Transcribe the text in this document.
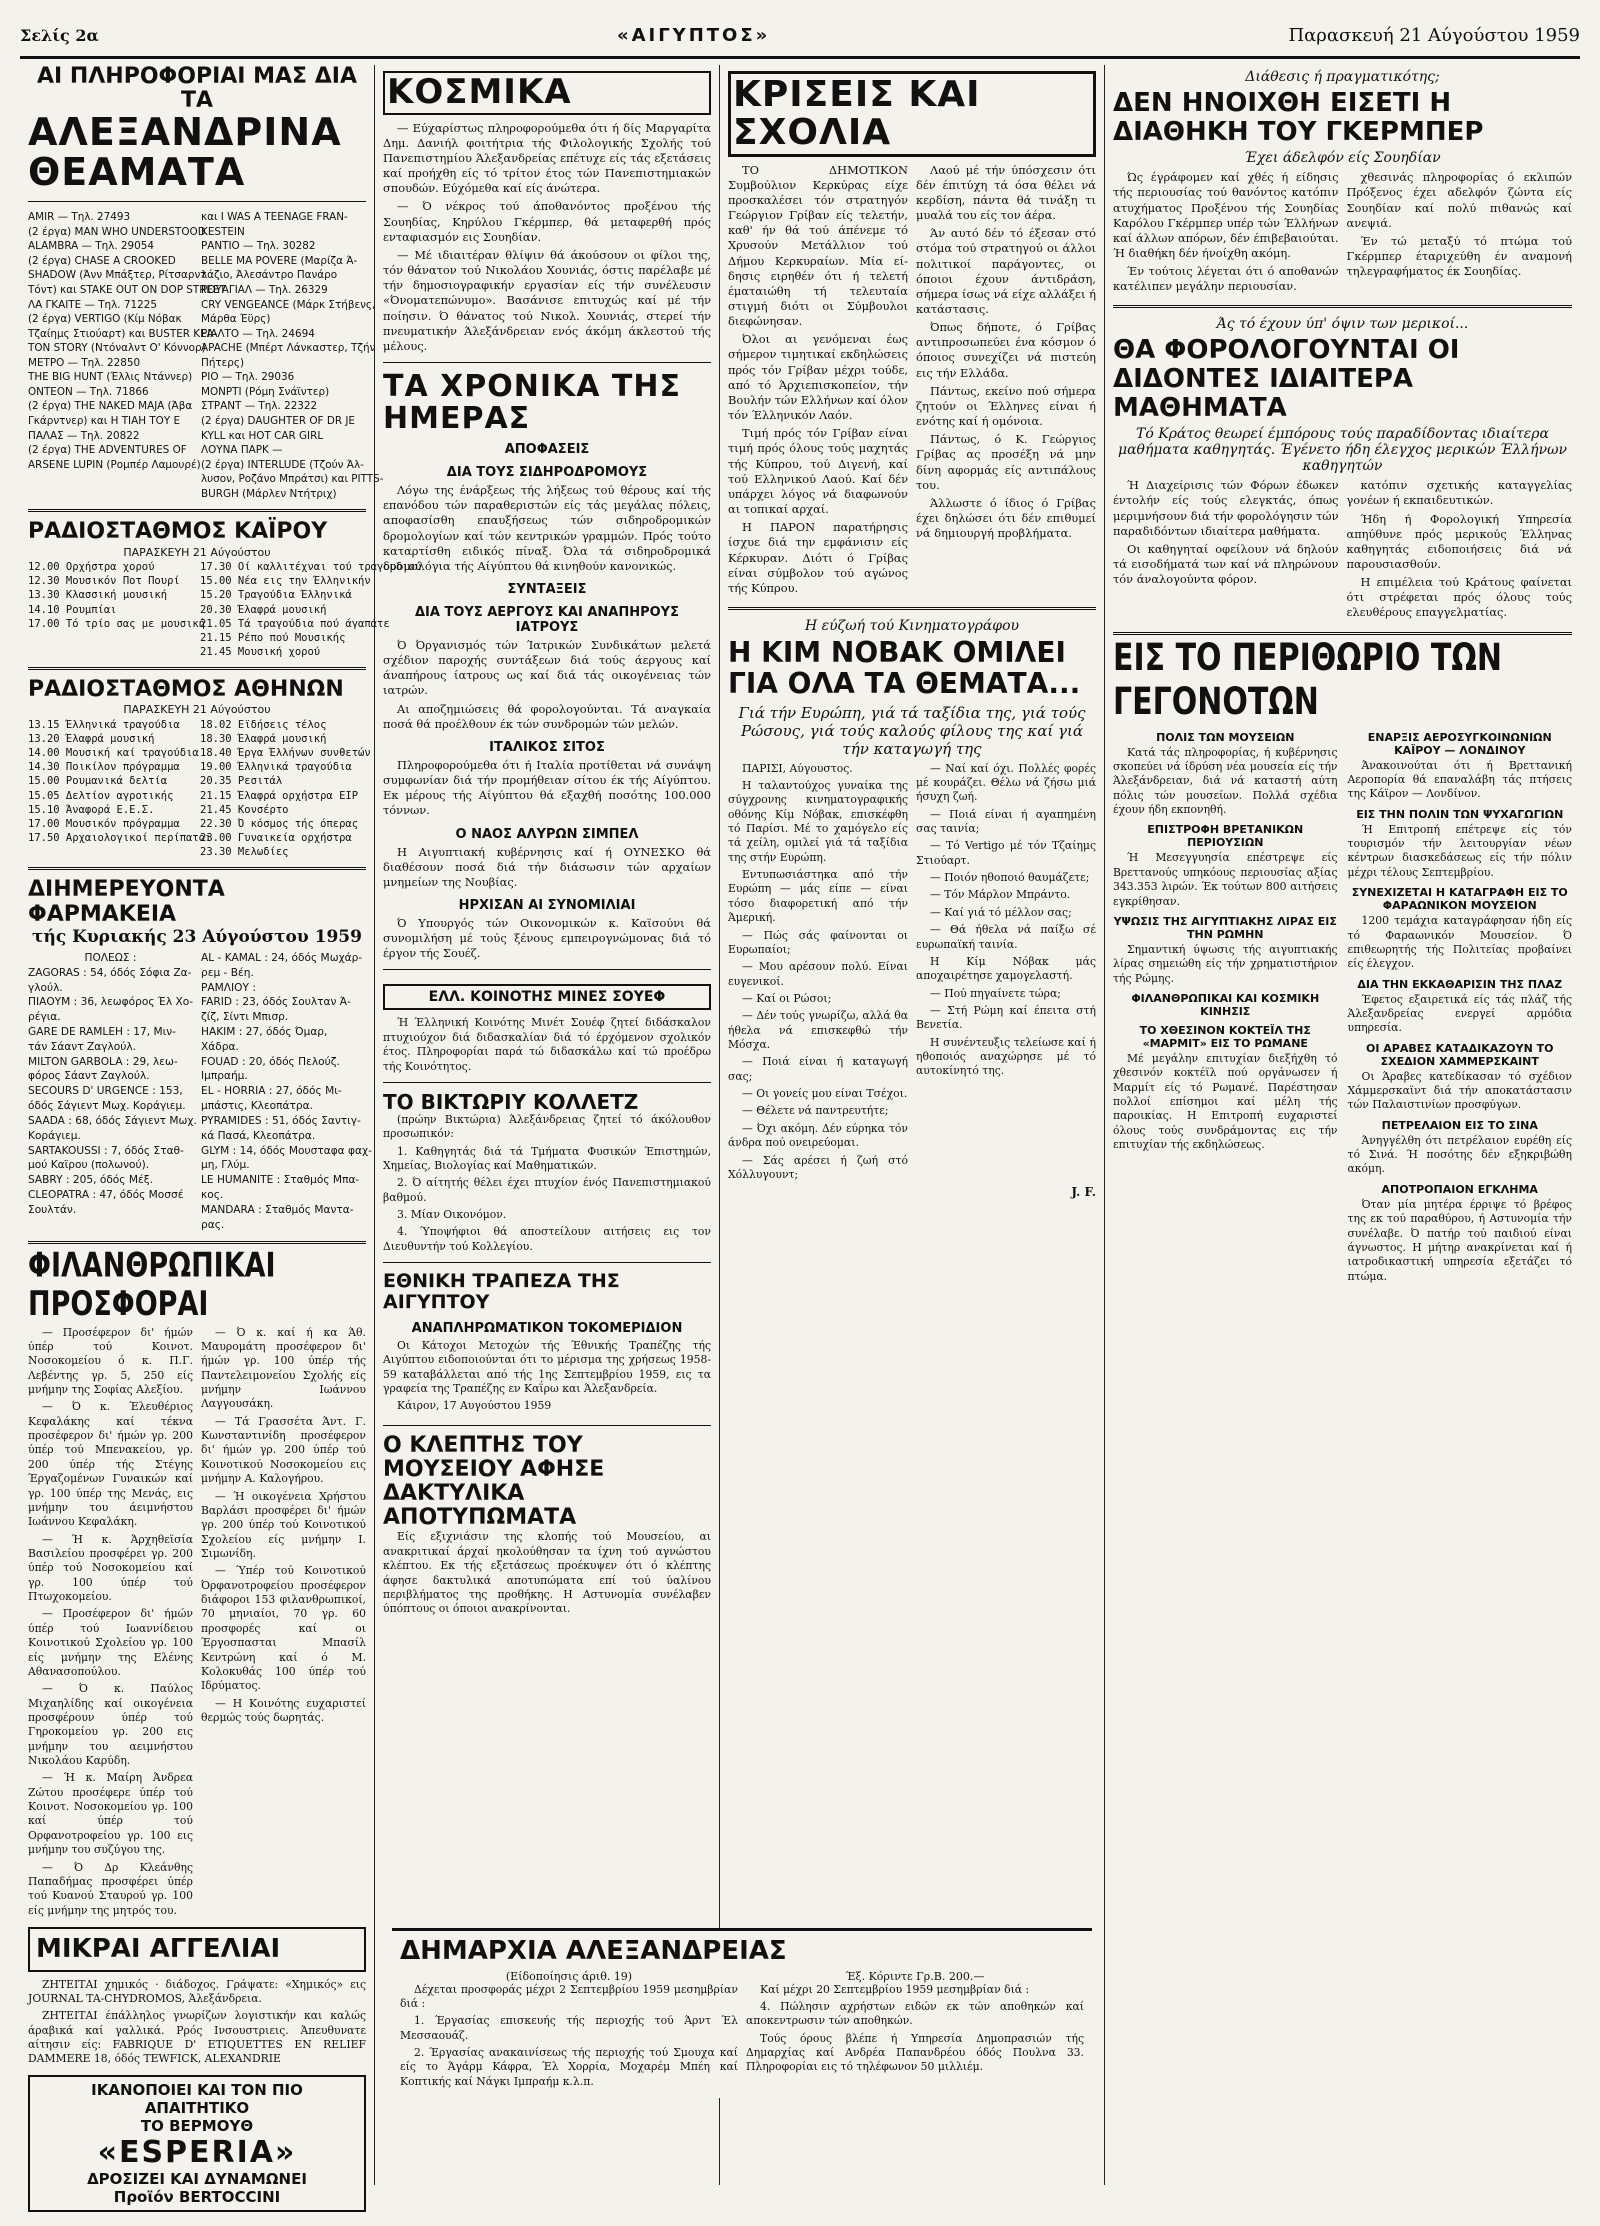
Σελίς 2α	«ΑΙΓΥΠΤΟΣ»	Παρασκευή 21 Αύγούστου 1959
ΑΙ ΠΛΗΡΟΦΟΡΙΑΙ ΜΑΣ ΔΙΑ ΤΑ
ΑΛΕΞΑΝΔΡΙΝΑ ΘΕΑΜΑΤΑ
AMIR — Τηλ. 27493
(2 έργα) MAN WHO UNDERSTOOD
ALAMBRA — Τηλ. 29054
(2 έργα) CHASE A CROOKED
SHADOW (Άνν Μπάξτερ, Ρίτσαρντ
Τόντ) και STAKE OUT ON DOP STREET
ΛΑ ΓΚΑΙΤΕ — Τηλ. 71225
(2 έργα) VERTIGO (Κίμ Νόβακ
Τζαίημς Στιούαρτ) και BUSTER KEA-
TON STORY (Ντόναλντ Ο' Κόννορ)
ΜΕΤΡΟ — Τηλ. 22850
THE BIG HUNT (Έλλις Ντάννερ)
ΟΝΤΕΟΝ — Τηλ. 71866
(2 έργα) THE NAKED MAJA (Άβα
Γκάρντνερ) και Η ΤΙΑΗ ΤΟΥ Ε
ΠΑΛΑΣ — Τηλ. 20822
(2 έργα) THE ADVENTURES OF
ARSENE LUPIN (Ρομπέρ Λαμουρέ)
και I WAS A TEENAGE FRAN-
KESTEIN
ΡΑΝΤΙΟ — Τηλ. 30282
BELLE MA POVERE (Μαρίζα Ά-
λάζιο, Άλεσάντρο Πανάρο
ΡΟΥΑΓΙΑΛ — Τηλ. 26329
CRY VENGEANCE (Μάρκ Στήβενς,
Μάρθα Έϋρς)
ΡΙΑΛΤΟ — Τηλ. 24694
APACHE (Μπέρτ Λάνκαστερ, Τζήν
Πήτερς)
ΡΙΟ — Τηλ. 29036
MONPTI (Ρόμη Σνάϊντερ)
ΣΤΡΑΝΤ — Τηλ. 22322
(2 έργα) DAUGHTER OF DR JE
KYLL και HOT CAR GIRL
ΛΟΥΝΑ ΠΑΡΚ —
(2 έργα) INTERLUDE (Τζούν Άλ-
λυσον, Ροζάνο Μπράτσι) και PITTS-
BURGH (Μάρλεν Ντήτριχ)
ΡΑΔΙΟΣΤΑΘΜΟΣ ΚΑΪΡΟΥ
ΠΑΡΑΣΚΕΥΗ 21 Αύγούστου
12.00 Ορχήστρα χορού
12.30 Μουσικόν Ποτ Πουρί
13.30 Κλασσική μουσική
14.10 Ρουμπίαι
17.00 Τό τρίο σας με μουσική
17.30 Οί καλλιτέχναι τού τραγουδιού
15.00 Νέα εις την Έλληνικήν
15.20 Τραγούδια Έλληνικά
20.30 Έλαφρά μουσική
21.05 Τά τραγούδια πού άγαπάτε
21.15 Ρέπο πού Μουσικής
21.45 Μουσική χορού
ΡΑΔΙΟΣΤΑΘΜΟΣ ΑΘΗΝΩΝ
ΠΑΡΑΣΚΕΥΗ 21 Αύγούστου
13.15 Έλληνικά τραγούδια
13.20 Έλαφρά μουσική
14.00 Μουσική καί τραγούδια
14.30 Ποικίλον πρόγραμμα
15.00 Ρουμανικά δελτία
15.05 Δελτίον αγροτικής
15.10 Άναφορά Ε.Ε.Σ.
17.00 Μουσικόν πρόγραμμα
17.50 Αρχαιολογικοί περίπατοι
18.02 Εϊδήσεις τέλος
18.30 Έλαφρά μουσική
18.40 Έργα Έλλήνων συνθετών
19.00 Έλληνικά τραγούδια
20.35 Ρεσιτάλ
21.15 Έλαφρά ορχήστρα EIP
21.45 Κονσέρτο
22.30 Ό κόσμος τής όπερας
23.00 Γυναικεία ορχήστρα
23.30 Μελωδίες
ΔΙΗΜΕΡΕΥΟΝΤΑ ΦΑΡΜΑΚΕΙΑ
τής Κυριακής 23 Αύγούστου 1959
ΠΟΛΕΩΣ :
ZAGORAS : 54, όδός Σόφια Ζα-
γλούλ.
ΠΙΑΟΥΜ : 36, λεωφόρος Έλ Χο-
ρέγια.
GARE DE RAMLEH : 17, Μιν-
τάν Σάαντ Ζαγλούλ.
MILTON GARBOLA : 29, λεω-
φόρος Σάαντ Ζαγλούλ.
SECOURS D' URGENCE : 153,
όδός Σάγιεντ Μωχ. Κοράγιεμ.
SAADA : 68, όδός Σάγιεντ Μωχ.
Κοράγιεμ.
SARTAKOUSSI : 7, όδός Σταθ-
μού Καϊρου (πολωνού).
SABRY : 205, όδός Μέξ.
CLEOPATRA : 47, όδός Μοσσέ
Σουλτάν.
AL - KAMAL : 24, όδός Μωχάρ-
ρεμ - Βέη.
ΡΑΜΛΙΟΥ :
FARID : 23, όδός Σουλταν Ά-
ζίζ, Σίντι Μπισρ.
HAKIM : 27, όδός Όμαρ,
Χάδρα.
FOUAD : 20, όδός Πελούζ.
Ιμπραήμ.
EL - HORRIA : 27, όδός Μι-
μπάστις, Κλεοπάτρα.
PYRAMIDES : 51, όδός Σαντιγ-
κά Πασά, Κλεοπάτρα.
GLYM : 14, όδός Μουσταφα φαχ-
μη, Γλύμ.
LE HUMANITE : Σταθμός Μπα-
κος.
MANDARA : Σταθμός Μαντα-
ρας.
ΦΙΛΑΝΘΡΩΠΙΚΑΙ ΠΡΟΣΦΟΡΑΙ

— Προσέφερον δι' ήμών ύπέρ τού Κοινοτ. Νοσοκομείου ό κ. Π.Γ. Λεβέντης γρ. 5, 250 είς μνήμην της Σοφίας Αλεξίου.

— Ό κ. Έλευθέριος Κεφαλάκης καί τέκνα προσέφερον δι' ήμών γρ. 200 ύπέρ τού Μπενακείου, γρ. 200 ύπέρ τής Στέγης Έργαζομένων Γυναικών καί γρ. 100 ύπέρ της Μενάς, εις μνήμην του άειμνήστου Ιωάννου Κεφαλάκη.

— Ή κ. Άρχηθεϊσία Βασιλείου προσφέρει γρ. 200 ύπέρ τού Νοσοκομείου καί γρ. 100 ύπέρ τού Πτωχοκομείου.

— Προσέφερον δι' ήμών ύπέρ τού Ιωαννίδειου Κοινοτικού Σχολείου γρ. 100 είς μνήμην της Ελένης Αθανασοπούλου.

— Ό κ. Παύλος Μιχαηλίδης καί οικογένεια προσφέρουν ύπέρ τού Γηροκομείου γρ. 200 εις μνήμην του αειμνήστου Νικολάου Καρύδη.

— Ή κ. Μαίρη Άνδρεα Ζώτου προσέφερε ύπέρ τού Κοινοτ. Νοσοκομείου γρ. 100 καί ύπέρ τού Ορφανοτροφείου γρ. 100 εις μνήμην του συζύγου της.

— Ό Δρ Κλεάνθης Παπαδήμας προσφέρει ύπέρ τού Κυανού Σταυρού γρ. 100 είς μνήμην της μητρός του.

— Ό κ. καί ή κα Άθ. Μαυρομάτη προσέφερον δι' ήμών γρ. 100 ύπέρ τής Παντελειμονείου Σχολής είς μνήμην Ιωάννου Λαγγουσάκη.

— Τά Γρασσέτα Άντ. Γ. Κωνσταντινίδη προσέφερον δι' ήμών γρ. 200 ύπέρ τού Κοινοτικού Νοσοκομείου εις μνήμην Α. Καλογήρου.

— Ή οικογένεια Χρήστου Βαρλάσι προσφέρει δι' ήμών γρ. 200 ύπέρ τού Κοινοτικού Σχολείου είς μνήμην Ι. Σιμωνίδη.

— Ύπέρ τού Κοινοτικού Όρφανοτροφείου προσέφερον διάφοροι 153 φιλανθρωπικοί, 70 μηνιαίοι, 70 γρ. 60 προσφορές καί οι Έργοσπασται Μπασίλ Κεντρώνη καί ό Μ. Κολοκυθάς 100 ύπέρ τού Ιδρύματος.

— Η Κοινότης ευχαριστεί θερμώς τούς δωρητάς.

ΜΙΚΡΑΙ ΑΓΓΕΛΙΑΙ

ΖΗΤΕΙΤΑΙ χημικός · διάδοχος. Γράψατε: «Χημικός» εις JOURNAL TA-CHYDROMOS, Άλεξάνδρεια.

ΖΗΤΕΙΤΑΙ έπάλληλος γνωρίζων λογιστικήν και καλώς άραβικά καί γαλλικά. Ρρός Ινσουστριεις. Άπευθυνατε αίτησιν είς: FABRIQUE D' ETIQUETTES EN RELIEF DAMMERE 18, όδός TEWFICK, ALEXANDRIE

ΙΚΑΝΟΠΟΙΕΙ ΚΑΙ ΤΟΝ ΠΙΟ
ΑΠΑΙΤΗΤΙΚΟ
ΤΟ ΒΕΡΜΟΥΘ
«ESPERIA»
ΔΡΟΣΙΖΕΙ ΚΑΙ ΔΥΝΑΜΩΝΕΙ
Προϊόν BERTOCCINI
ΚΟΣΜΙΚΑ

— Εύχαρίστως πληροφορούμεθα ότι ή δίς Μαργαρίτα Δημ. Δανιήλ φοιτήτρια τής Φιλολογικής Σχολής τού Πανεπιστημίου Άλεξανδρείας επέτυχε είς τάς εξετάσεις καί προήχθη είς τό τρίτον έτος τών Πανεπιστημιακών σπουδών. Εύχόμεθα καί είς άνώτερα.

— Ό νέκρος τού άποθανόντος προξένου τής Σουηδίας, Κηρύλου Γκέρμπερ, θά μεταφερθή πρός ενταφιασμόν εις Σουηδίαν.

— Μέ ιδιαιτέραν θλίψιν θά άκούσουν οι φίλοι της, τόν θάνατον τού Νικολάου Χουνιάς, όστις παρέλαβε μέ τήν δημοσιογραφικήν εργασίαν είς τήν συνέλευσιν «Όνοματεπώνυμο». Βασάνισε επιτυχώς καί μέ τήν ποίησιν. Ό θάνατος τού Νικολ. Χουνιάς, στερεί τήν πνευματικήν Άλεξάνδρειαν ενός άκόμη άκλεστού τής μέλους.

ΤΑ ΧΡΟΝΙΚΑ ΤΗΣ ΗΜΕΡΑΣ
ΑΠΟΦΑΣΕΙΣ
ΔΙΑ ΤΟΥΣ ΣΙΔΗΡΟΔΡΟΜΟΥΣ

Λόγω της ένάρξεως τής λήξεως τού θέρους καί τής επανόδου τών παραθεριστών είς τάς μεγάλας πόλεις, αποφασίσθη επαυξήσεως τών σιδηροδρομικών δρομολογίων καί τών κεντρικών γραμμών. Πρός τούτο καταρτίσθη ειδικός πίναξ. Όλα τά σιδηροδρομικά δρομολόγια τής Αίγύπτου θά κινηθούν κανονικώς.

ΣΥΝΤΑΞΕΙΣ
ΔΙΑ ΤΟΥΣ ΑΕΡΓΟΥΣ ΚΑΙ ΑΝΑΠΗΡΟΥΣ ΙΑΤΡΟΥΣ

Ό Όργανισμός τών Ίατρικών Συνδικάτων μελετά σχέδιον παροχής συντάξεων διά τούς άεργους καί άναπήρους ίατρους ως καί διά τάς οικογένειας τών ιατρών.

Αι αποζημιώσεις θά φορολογούνται. Τά αναγκαία ποσά θά προέλθουν έκ τών συνδρομών τών μελών.

ΙΤΑΛΙΚΟΣ ΣΙΤΟΣ

Πληροφορούμεθα ότι ή Ιταλία προτίθεται νά συνάψη συμφωνίαν διά τήν προμήθειαν σίτου έκ τής Αίγύπτου. Εκ μέρους τής Αίγύπτου θά εξαχθή ποσότης 100.000 τόννων.

Ο ΝΑΟΣ ΑΛΥΡΩΝ ΣΙΜΠΕΛ

Η Αιγυπτιακή κυβέρνησις καί ή ΟΥΝΕΣΚΟ θά διαθέσουν ποσά διά τήν διάσωσιν τών αρχαίων μνημείων της Νουβίας.

ΗΡΧΙΣΑΝ ΑΙ ΣΥΝΟΜΙΛΙΑΙ

Ό Υπουργός τών Οικονομικών κ. Καϊσούνι θά συνομιλήση μέ τούς ξένους εμπειρογνώμονας διά τό έργον τής Σουέζ.

ΕΛΛ. ΚΟΙΝΟΤΗΣ ΜΙΝΕΣ ΣΟΥΕΦ

Ή Έλληνική Κοινότης Μινέτ Σουέφ ζητεί διδάσκαλον πτυχιούχον διά διδασκαλίαν διά τό έρχόμενον σχολικόν έτος. Πληροφορίαι παρά τώ διδασκάλω καί τώ προέδρω τής Κοινότητος.

ΤΟ ΒΙΚΤΩΡΙΥ ΚΟΛΛΕΤΖ

(πρώην Βικτώρια) Άλεξάνδρειας ζητεί τό άκόλουθον προσωπικόν:

1. Καθηγητάς διά τά Τμήματα Φυσικών Έπιστημών, Χημείας, Βιολογίας καί Μαθηματικών.

2. Ό αίτητής θέλει έχει πτυχίον ένός Πανεπιστημιακού βαθμού.

3. Μίαν Οικονόμον.

4. Ύποψήφιοι θά αποστείλουν αιτήσεις εις τον Διευθυντήν τού Κολλεγίου.

ΕΘΝΙΚΗ ΤΡΑΠΕΖΑ ΤΗΣ ΑΙΓΥΠΤΟΥ
ΑΝΑΠΛΗΡΩΜΑΤΙΚΟΝ ΤΟΚΟΜΕΡΙΔΙΟΝ

Οι Κάτοχοι Μετοχών τής Έθνικής Τραπέζης τής Αιγύπτου ειδοποιούνται ότι το μέρισμα της χρήσεως 1958-59 καταβάλλεται από τής 1ης Σεπτεμβρίου 1959, εις τα γραφεία της Τραπέζης εν Καΐρω και Άλεξανδρεία.

Κάιρον, 17 Αυγούστου 1959

Ο ΚΛΕΠΤΗΣ ΤΟΥ ΜΟΥΣΕΙΟΥ ΑΦΗΣΕ ΔΑΚΤΥΛΙΚΑ ΑΠΟΤΥΠΩΜΑΤΑ

Είς εξιχνιάσιν της κλοπής τού Μουσείου, αι ανακριτικαί άρχαί ηκολούθησαν τα ίχνη τού αγνώστου κλέπτου. Εκ τής εξετάσεως προέκυψεν ότι ό κλέπτης άφησε δακτυλικά αποτυπώματα επί τού ύαλίνου περιβλήματος της προθήκης. Η Αστυνομία συνέλαβεν ύπόπτους οι όποιοι ανακρίνονται.

ΚΡΙΣΕΙΣ ΚΑΙ ΣΧΟΛΙΑ

ΤΟ ΔΗΜΟΤΙΚΟΝ Συμβούλιον Κερκύρας είχε προσκαλέσει τόν στρατηγόν Γεώργιον Γρίβαν είς τελετήν, καθ' ήν θά τού άπένεμε τό Χρυσούν Μετάλλιον τού Δήμου Κερκυραίων. Μία εί-δησις ειρηθέν ότι ή τελετή έματαιώθη τή τελευταία στιγμή διότι οι Σύμβουλοι διεφώνησαν.

Όλοι αι γενόμεναι έως σήμερον τιμητικαί εκδηλώσεις πρός τόν Γρίβαν μέχρι τούδε, από τό Άρχιεπισκοπείον, τήν Βουλήν τών Ελλήνων καί όλον τόν Έλληνικόν Λαόν.

Τιμή πρός τόν Γρίβαν είναι τιμή πρός όλους τούς μαχητάς τής Κύπρου, τού Διγενή, καί τού Ελληνικού Λαού. Καί δέν υπάρχει λόγος νά διαφωνούν αι τοπικαί αρχαί.

Η ΠΑΡΟΝ παρατήρησις ίσχυε διά την εμφάνισιν είς Κέρκυραν. Διότι ό Γρίβας είναι σύμβολον τού αγώνος τής Κύπρου.

Λαού μέ τήν ύπόσχεσιν ότι δέν έπιτύχη τά όσα θέλει νά κερδίση, πάντα θά τινάξη τι μυαλά του είς τον άέρα.

Άν αυτό δέν τό έξεσαν στό στόμα τού στρατηγού οι άλλοι πολιτικοί παράγοντες, οι όποιοι έχουν άντιδράση, σήμερα ίσως νά είχε αλλάξει ή κατάστασις.

Όπως δήποτε, ό Γρίβας αντιπροσωπεύει ένα κόσμον ό όποιος συνεχίζει νά πιστεύη εις τήν Ελλάδα.

Πάντως, εκείνο πού σήμερα ζητούν οι Έλληνες είναι ή ενότης καί ή ομόνοια.

Πάντως, ό Κ. Γεώργιος Γρίβας ας προσέξη νά μην δίνη αφορμάς είς αντιπάλους του.

Άλλωστε ό ίδιος ό Γρίβας έχει δηλώσει ότι δέν επιθυμεί νά δημιουργή προβλήματα.

Η εύζωή τού Κινηματογράφου
Η ΚΙΜ ΝΟΒΑΚ ΟΜΙΛΕΙ ΓΙΑ ΟΛΑ ΤΑ ΘΕΜΑΤΑ...
Γιά τήν Ευρώπη, γιά τά ταξίδια της, γιά τούς Ρώσους, γιά τούς καλούς φίλους της καί γιά τήν καταγωγή της

ΠΑΡΙΣΙ, Αύγουστος.

Η ταλαντούχος γυναίκα της σύγχρονης κινηματογραφικής οθόνης Κίμ Νόβακ, επισκέφθη τό Παρίσι. Μέ το χαμόγελο είς τά χείλη, ομιλεί γιά τά ταξίδια της στήν Ευρώπη.

Εντυπωσιάστηκα από τήν Ευρώπη — μάς είπε — είναι τόσο διαφορετική από τήν Άμερική.

— Πώς σάς φαίνονται οι Ευρωπαίοι;

— Μου αρέσουν πολύ. Είναι ευγενικοί.

— Καί οι Ρώσοι;

— Δέν τούς γνωρίζω, αλλά θα ήθελα νά επισκεφθώ τήν Μόσχα.

— Ποιά είναι ή καταγωγή σας;

— Οι γονείς μου είναι Τσέχοι.

— Θέλετε νά παντρευτήτε;

— Όχι ακόμη. Δέν εύρηκα τόν άνδρα πού ονειρεύομαι.

— Σάς αρέσει ή ζωή στό Χόλλυγουντ;

— Ναί καί όχι. Πολλές φορές μέ κουράζει. Θέλω νά ζήσω μιά ήσυχη ζωή.

— Ποιά είναι ή αγαπημένη σας ταινία;

— Τό Vertigo μέ τόν Τζαίημς Στιούαρτ.

— Ποιόν ηθοποιό θαυμάζετε;

— Τόν Μάρλον Μπράντο.

— Καί γιά τό μέλλον σας;

— Θά ήθελα νά παίξω σέ ευρωπαϊκή ταινία.

Η Κίμ Νόβακ μάς αποχαιρέτησε χαμογελαστή.

— Πού πηγαίνετε τώρα;

— Στή Ρώμη καί έπειτα στή Βενετία.

Η συνέντευξις τελείωσε καί ή ηθοποιός αναχώρησε μέ τό αυτοκίνητό της.

J. F.
Διάθεσις ή πραγματικότης;
ΔΕΝ ΗΝΟΙΧΘΗ ΕΙΣΕΤΙ Η ΔΙΑΘΗΚΗ ΤΟΥ ΓΚΕΡΜΠΕΡ
Έχει άδελφόν είς Σουηδίαν

Ώς έγράφομεν καί χθές ή είδησις τής περιουσίας τού θανόντος κατόπιν ατυχήματος Προξένου τής Σουηδίας Καρόλου Γκέρμπερ υπέρ τών Έλλήνων καί άλλων απόρων, δέν έπιβεβαιούται. Ή διαθήκη δέν ήνοίχθη ακόμη.

Έν τούτοις λέγεται ότι ό αποθανών κατέλιπεν μεγάλην περιουσίαν.

χθεσινάς πληροφορίας ό εκλιπών Πρόξενος έχει αδελφόν ζώντα είς Σουηδίαν καί πολύ πιθανώς καί ανεψιά.

Έν τώ μεταξύ τό πτώμα τού Γκέρμπερ έταριχεύθη έν αναμονή τηλεγραφήματος έκ Σουηδίας.

Άς τό έχουν ύπ' όψιν των μερικοί...
ΘΑ ΦΟΡΟΛΟΓΟΥΝΤΑΙ ΟΙ ΔΙΔΟΝΤΕΣ ΙΔΙΑΙΤΕΡΑ ΜΑΘΗΜΑΤΑ
Τό Κράτος θεωρεί έμπόρους τούς παραδίδοντας ιδιαίτερα μαθήματα καθηγητάς. Έγένετο ήδη έλεγχος μερικών Έλλήνων καθηγητών

Ή Διαχείρισις τών Φόρων έδωκεν έντολήν είς τούς ελεγκτάς, όπως μεριμνήσουν διά τήν φορολόγησιν τών παραδιδόντων ιδιαίτερα μαθήματα.

Οι καθηγηταί οφείλουν νά δηλούν τά εισοδήματά των καί νά πληρώνουν τόν άναλογούντα φόρον.

κατόπιν σχετικής καταγγελίας γονέων ή εκπαιδευτικών.

Ήδη ή Φορολογική Υπηρεσία απηύθυνε πρός μερικούς Έλληνας καθηγητάς ειδοποιήσεις διά νά παρουσιασθούν.

Η επιμέλεια τού Κράτους φαίνεται ότι στρέφεται πρός όλους τούς ελευθέρους επαγγελματίας.

ΕΙΣ ΤΟ ΠΕΡΙΘΩΡΙΟ ΤΩΝ ΓΕΓΟΝΟΤΩΝ
ΠΟΛΙΣ ΤΩΝ ΜΟΥΣΕΙΩΝ

Κατά τάς πληροφορίας, ή κυβέρνησις σκοπεύει νά ίδρύση νέα μουσεία είς τήν Άλεξάνδρειαν, διά νά καταστή αύτη πόλις τών μουσείων. Πολλά σχέδια έχουν ήδη εκπονηθή.

ΕΠΙΣΤΡΟΦΗ ΒΡΕΤΑΝΙΚΩΝ ΠΕΡΙΟΥΣΙΩΝ

Ή Μεσεγγυησία επέστρεψε είς Βρεττανούς υπηκόους περιουσίας αξίας 343.353 λιρών. Έκ τούτων 800 αιτήσεις εγκρίθησαν.

ΥΨΩΣΙΣ ΤΗΣ ΑΙΓΥΠΤΙΑΚΗΣ ΛΙΡΑΣ ΕΙΣ ΤΗΝ ΡΩΜΗΝ

Σημαντική ύψωσις τής αιγυπτιακής λίρας σημειώθη είς τήν χρηματιστήριον τής Ρώμης.

ΦΙΛΑΝΘΡΩΠΙΚΑΙ ΚΑΙ ΚΟΣΜΙΚΗ ΚΙΝΗΣΙΣ
ΤΟ ΧΘΕΣΙΝΟΝ ΚΟΚΤΕΪΛ ΤΗΣ «ΜΑΡΜΙΤ» ΕΙΣ ΤΟ ΡΩΜΑΝΕ

Μέ μεγάλην επιτυχίαν διεξήχθη τό χθεσινόν κοκτέϊλ πού οργάνωσεν ή Μαρμίτ είς τό Ρωμανέ. Παρέστησαν πολλοί επίσημοι καί μέλη τής παροικίας. Η Επιτροπή ευχαριστεί όλους τούς συνδράμοντας εις τήν επιτυχίαν τής εκδηλώσεως.

ΕΝΑΡΞΙΣ ΑΕΡΟΣΥΓΚΟΙΝΩΝΙΩΝ ΚΑΪΡΟΥ — ΛΟΝΔΙΝΟΥ

Άνακοινούται ότι ή Βρεττανική Αεροπορία θά επαναλάβη τάς πτήσεις της Κάϊρον — Λονδίνον.

ΕΙΣ ΤΗΝ ΠΟΛΙΝ ΤΩΝ ΨΥΧΑΓΩΓΙΩΝ

Ή Επιτροπή επέτρεψε είς τόν τουρισμόν τήν λειτουργίαν νέων κέντρων διασκεδάσεως είς τήν πόλιν μέχρι τέλους Σεπτεμβρίου.

ΣΥΝΕΧΙΖΕΤΑΙ Η ΚΑΤΑΓΡΑΦΗ ΕΙΣ ΤΟ ΦΑΡΑΩΝΙΚΟΝ ΜΟΥΣΕΙΟΝ

1200 τεμάχια καταγράφησαν ήδη είς τό Φαραωνικόν Μουσείον. Ό επιθεωρητής τής Πολιτείας προβαίνει είς έλεγχον.

ΔΙΑ ΤΗΝ ΕΚΚΑΘΑΡΙΣΙΝ ΤΗΣ ΠΛΑΖ

Έφετος εξαιρετικά είς τάς πλάζ τής Άλεξανδρείας ενεργεί αρμόδια υπηρεσία.

ΟΙ ΑΡΑΒΕΣ ΚΑΤΑΔΙΚΑΖΟΥΝ ΤΟ ΣΧΕΔΙΟΝ ΧΑΜΜΕΡΣΚΑΙΝΤ

Οι Άραβες κατεδίκασαν τό σχέδιον Χάμμερσκαϊντ διά τήν αποκατάστασιν τών Παλαιστινίων προσφύγων.

ΠΕΤΡΕΛΑΙΟΝ ΕΙΣ ΤΟ ΣΙΝΑ

Άνηγγέλθη ότι πετρέλαιον ευρέθη είς τό Σινά. Ή ποσότης δέν εξηκριβώθη ακόμη.

ΑΠΟΤΡΟΠΑΙΟΝ ΕΓΚΛΗΜΑ

Όταν μία μητέρα έρριψε τό βρέφος της εκ τού παραθύρου, ή Αστυνομία τήν συνέλαβε. Ό πατήρ τού παιδιού είναι άγνωστος. Η μήτηρ ανακρίνεται καί ή ιατροδικαστική υπηρεσία εξετάζει τό πτώμα.

ΔΗΜΑΡΧΙΑ ΑΛΕΞΑΝΔΡΕΙΑΣ
(Είδοποίησις άριθ. 19)

Δέχεται προσφοράς μέχρι 2 Σεπτεμβρίου 1959 μεσημβρίαν διά :

1. Έργασίας επισκευής τής περιοχής τού Άρντ Έλ Μεσσαουάζ.

2. Έργασίας ανακαινίσεως τής περιοχής τού Σμουχα καί είς το Άγάρμ Κάφρα, Έλ Χορρία, Μοχαρέμ Μπέη καί Κοπτικής καί Νάγκι Ιμπραήμ κ.λ.π.

Έξ. Κόριντε Γρ.Β. 200.—

Καί μέχρι 20 Σεπτεμβρίου 1959 μεσημβρίαν διά :

4. Πώλησιν αχρήστων ειδών εκ τών αποθηκών καί αποκεντρωσιν τών αποθηκών.

Τούς όρους βλέπε ή Υπηρεσία Δημοπρασιών τής Δημαρχίας καί Ανδρέα Παπανδρέου όδός Πουλνα 33. Πληροφορίαι εις τό τηλέφωνον 50 μιλλιέμ.
